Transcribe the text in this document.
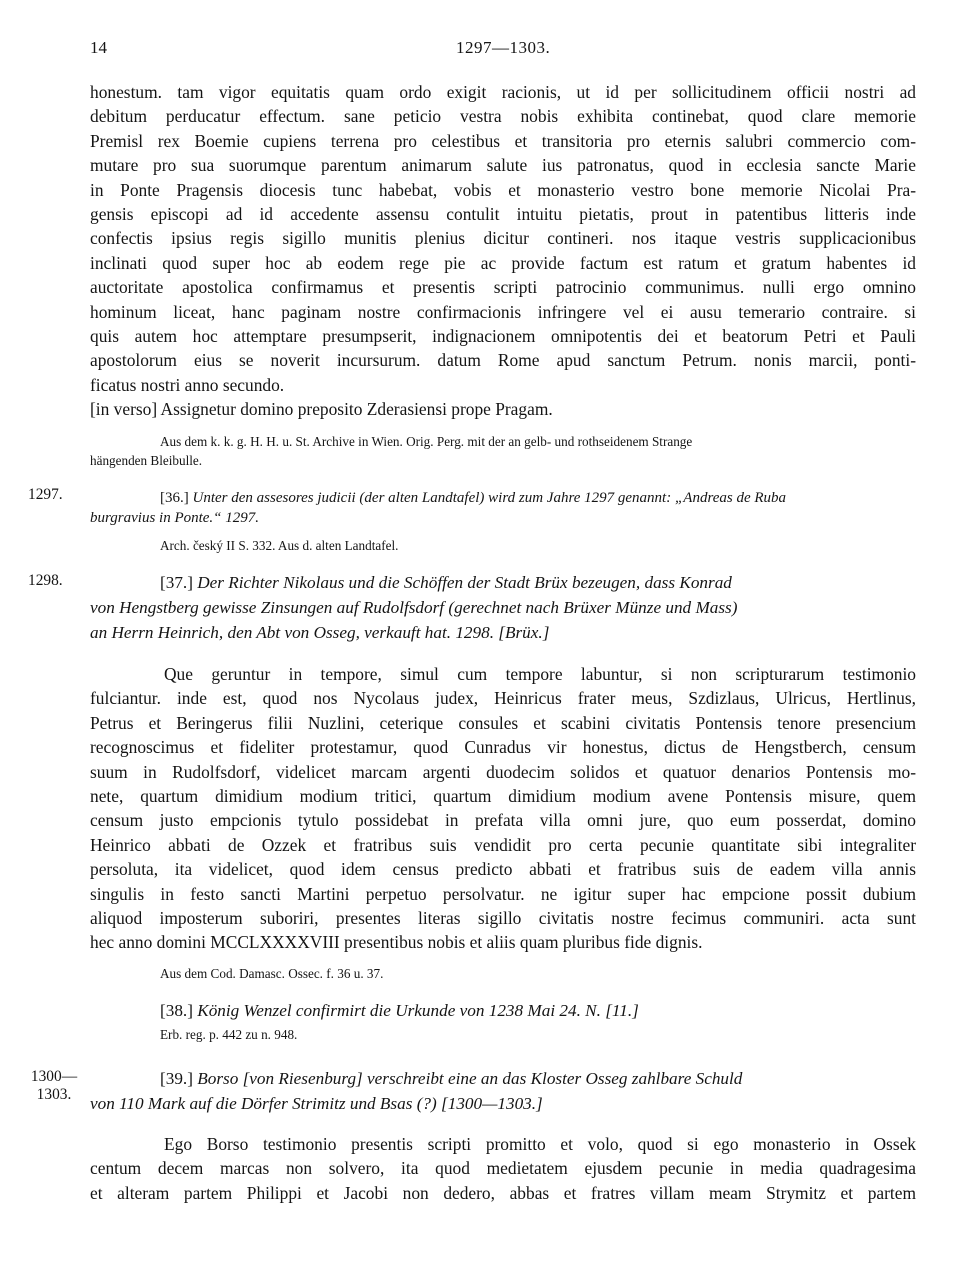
14	1297—1303.
honestum. tam vigor equitatis quam ordo exigit racionis, ut id per sollicitudinem officii nostri ad
debitum perducatur effectum. sane peticio vestra nobis exhibita continebat, quod clare memorie
Premisl rex Boemie cupiens terrena pro celestibus et transitoria pro eternis salubri commercio com-
mutare pro sua suorumque parentum animarum salute ius patronatus, quod in ecclesia sancte Marie
in Ponte Pragensis diocesis tunc habebat, vobis et monasterio vestro bone memorie Nicolai Pra-
gensis episcopi ad id accedente assensu contulit intuitu pietatis, prout in patentibus litteris inde
confectis ipsius regis sigillo munitis plenius dicitur contineri. nos itaque vestris supplicacionibus
inclinati quod super hoc ab eodem rege pie ac provide factum est ratum et gratum habentes id
auctoritate apostolica confirmamus et presentis scripti patrocinio communimus. nulli ergo omnino
hominum liceat, hanc paginam nostre confirmacionis infringere vel ei ausu temerario contraire. si
quis autem hoc attemptare presumpserit, indignacionem omnipotentis dei et beatorum Petri et Pauli
apostolorum eius se noverit incursurum. datum Rome apud sanctum Petrum. nonis marcii, ponti-
ficatus nostri anno secundo.
[in verso] Assignetur domino preposito Zderasiensi prope Pragam.
Aus dem k. k. g. H. H. u. St. Archive in Wien. Orig. Perg. mit der an gelb- und rothseidenem Strange
hängenden Bleibulle.
1297.	[36.] Unter den assesores judicii (der alten Landtafel) wird zum Jahre 1297 genannt: „Andreas de Ruba
burgravius in Ponte.“ 1297.
Arch. český II S. 332. Aus d. alten Landtafel.
1298.	[37.] Der Richter Nikolaus und die Schöffen der Stadt Brüx bezeugen, dass Konrad
von Hengstberg gewisse Zinsungen auf Rudolfsdorf (gerechnet nach Brüxer Münze und Mass)
an Herrn Heinrich, den Abt von Osseg, verkauft hat. 1298. [Brüx.]
Que geruntur in tempore, simul cum tempore labuntur, si non scripturarum testimonio
fulciantur. inde est, quod nos Nycolaus judex, Heinricus frater meus, Szdizlaus, Ulricus, Hertlinus,
Petrus et Beringerus filii Nuzlini, ceterique consules et scabini civitatis Pontensis tenore presencium
recognoscimus et fideliter protestamur, quod Cunradus vir honestus, dictus de Hengstberch, censum
suum in Rudolfsdorf, videlicet marcam argenti duodecim solidos et quatuor denarios Pontensis mo-
nete, quartum dimidium modium tritici, quartum dimidium modium avene Pontensis misure, quem
censum justo empcionis tytulo possidebat in prefata villa omni jure, quo eum posserdat, domino
Heinrico abbati de Ozzek et fratribus suis vendidit pro certa pecunie quantitate sibi integraliter
persoluta, ita videlicet, quod idem census predicto abbati et fratribus suis de eadem villa annis
singulis in festo sancti Martini perpetuo persolvatur. ne igitur super hac empcione possit dubium
aliquod imposterum suboriri, presentes literas sigillo civitatis nostre fecimus communiri. acta sunt
hec anno domini MCCLXXXXVIII presentibus nobis et aliis quam pluribus fide dignis.
Aus dem Cod. Damasc. Ossec. f. 36 u. 37.
[38.] König Wenzel confirmirt die Urkunde von 1238 Mai 24. N. [11.]
Erb. reg. p. 442 zu n. 948.
1300—
1303.
[39.] Borso [von Riesenburg] verschreibt eine an das Kloster Osseg zahlbare Schuld
von 110 Mark auf die Dörfer Strimitz und Bsas (?) [1300—1303.]
Ego Borso testimonio presentis scripti promitto et volo, quod si ego monasterio in Ossek
centum decem marcas non solvero, ita quod medietatem ejusdem pecunie in media quadragesima
et alteram partem Philippi et Jacobi non dedero, abbas et fratres villam meam Strymitz et partem
